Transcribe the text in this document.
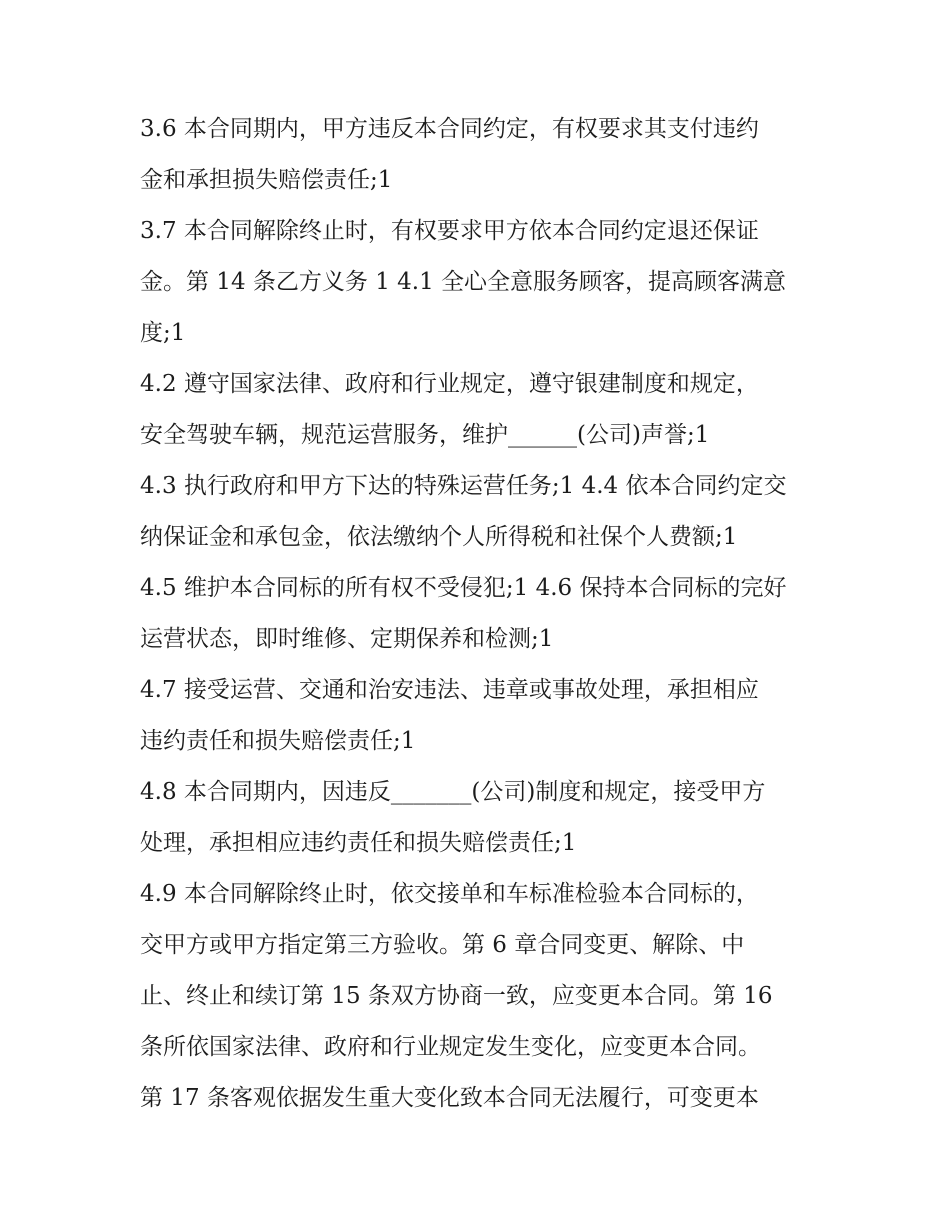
3.6 本合同期内，甲方违反本合同约定，有权要求其支付违约
金和承担损失赔偿责任;1
3.7 本合同解除终止时，有权要求甲方依本合同约定退还保证
金。第 14 条乙方义务 1 4.1 全心全意服务顾客，提高顾客满意
度;1
4.2 遵守国家法律、政府和行业规定，遵守银建制度和规定，
安全驾驶车辆，规范运营服务，维护______(公司)声誉;1
4.3 执行政府和甲方下达的特殊运营任务;1 4.4 依本合同约定交
纳保证金和承包金，依法缴纳个人所得税和社保个人费额;1
4.5 维护本合同标的所有权不受侵犯;1 4.6 保持本合同标的完好
运营状态，即时维修、定期保养和检测;1
4.7 接受运营、交通和治安违法、违章或事故处理，承担相应
违约责任和损失赔偿责任;1
4.8 本合同期内，因违反_______(公司)制度和规定，接受甲方
处理，承担相应违约责任和损失赔偿责任;1
4.9 本合同解除终止时，依交接单和车标准检验本合同标的，
交甲方或甲方指定第三方验收。第 6 章合同变更、解除、中
止、终止和续订第 15 条双方协商一致，应变更本合同。第 16
条所依国家法律、政府和行业规定发生变化，应变更本合同。
第 17 条客观依据发生重大变化致本合同无法履行，可变更本
